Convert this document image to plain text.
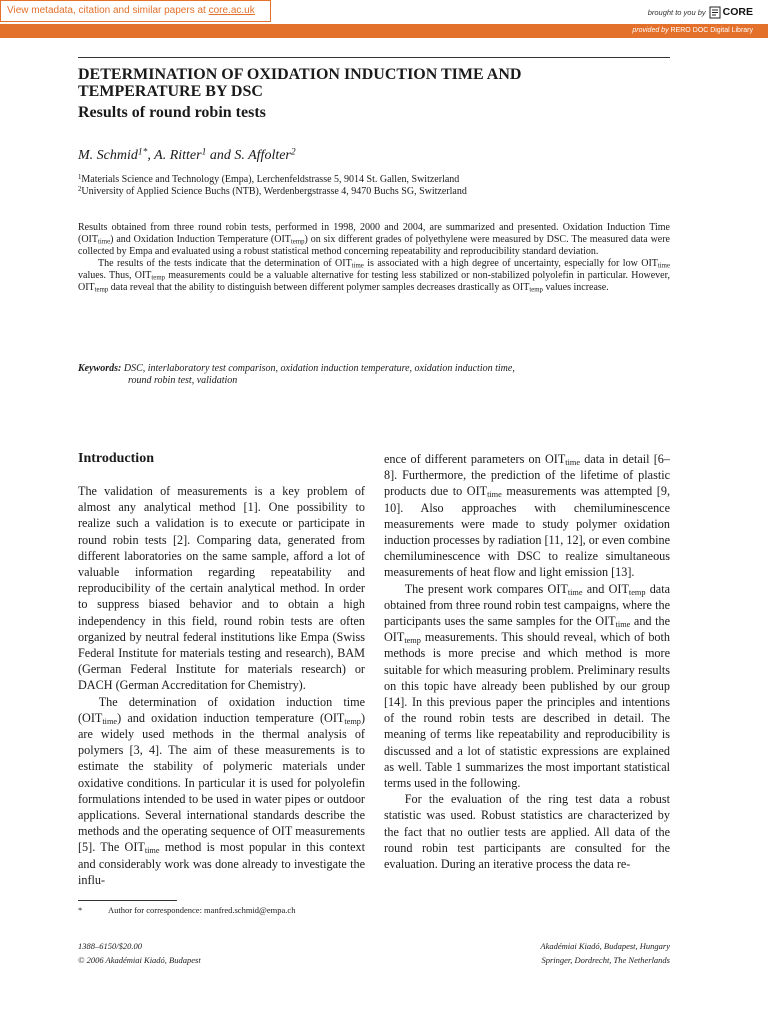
View metadata, citation and similar papers at core.ac.uk	brought to you by CORE
provided by RERO DOC Digital Library
DETERMINATION OF OXIDATION INDUCTION TIME AND
TEMPERATURE BY DSC
Results of round robin tests
M. Schmid$^{1*}$, A. Ritter$^1$ and S. Affolter$^2$
$^1$Materials Science and Technology (Empa), Lerchenfeldstrasse 5, 9014 St. Gallen, Switzerland
$^2$University of Applied Science Buchs (NTB), Werdenbergstrasse 4, 9470 Buchs SG, Switzerland

Results obtained from three round robin tests, performed in 1998, 2000 and 2004, are summarized and presented. Oxidation Induction Time $(OIT_{time})$ and Oxidation Induction Temperature $(OIT_{temp})$ on six different grades of polyethylene were measured by DSC. The measured data were collected by Empa and evaluated using a robust statistical method concerning repeatability and reproducibility standard deviation.

The results of the tests indicate that the determination of $OIT_{time}$ is associated with a high degree of uncertainty, especially for low $OIT_{time}$ values. Thus, $OIT_{temp}$ measurements could be a valuable alternative for testing less stabilized or non-stabilized polyolefin in particular. However, $OIT_{temp}$ data reveal that the ability to distinguish between different polymer samples decreases drastically as $OIT_{temp}$ values increase.

Keywords: DSC, interlaboratory test comparison, oxidation induction temperature, oxidation induction time,
round robin test, validation
Introduction

The validation of measurements is a key problem of almost any analytical method [1]. One possibility to realize such a validation is to execute or participate in round robin tests [2]. Comparing data, generated from different laboratories on the same sample, afford a lot of valuable information regarding repeatability and reproducibility of the certain analytical method. In order to suppress biased behavior and to obtain a high independency in this field, round robin tests are often organized by neutral federal institutions like Empa (Swiss Federal Institute for materials testing and research), BAM (German Federal Institute for materials research) or DACH (German Accreditation for Chemistry).

The determination of oxidation induction time $(OIT_{time})$ and oxidation induction temperature $(OIT_{temp})$ are widely used methods in the thermal analysis of polymers [3, 4]. The aim of these measurements is to estimate the stability of polymeric materials under oxidative conditions. In particular it is used for polyolefin formulations intended to be used in water pipes or outdoor applications. Several international standards describe the methods and the operating sequence of OIT measurements [5]. The $OIT_{time}$ method is most popular in this context and considerably work was done already to investigate the influ-

ence of different parameters on $OIT_{time}$ data in detail [6–8]. Furthermore, the prediction of the lifetime of plastic products due to $OIT_{time}$ measurements was attempted [9, 10]. Also approaches with chemiluminescence measurements were made to study polymer oxidation induction processes by radiation [11, 12], or even combine chemiluminescence with DSC to realize simultaneous measurements of heat flow and light emission [13].

The present work compares $OIT_{time}$ and $OIT_{temp}$ data obtained from three round robin test campaigns, where the participants uses the same samples for the $OIT_{time}$ and the $OIT_{temp}$ measurements. This should reveal, which of both methods is more precise and which method is more suitable for which measuring problem. Preliminary results on this topic have already been published by our group [14]. In this previous paper the principles and intentions of the round robin tests are described in detail. The meaning of terms like repeatability and reproducibility is discussed and a lot of statistic expressions are explained as well. Table 1 summarizes the most important statistical terms used in the following.

For the evaluation of the ring test data a robust statistic was used. Robust statistics are characterized by the fact that no outlier tests are applied. All data of the round robin test participants are consulted for the evaluation. During an iterative process the data re-

*	Author for correspondence: manfred.schmid@empa.ch
1388–6150/$20.00
© 2006 Akadémiai Kiadó, Budapest
Akadémiai Kiadó, Budapest, Hungary
Springer, Dordrecht, The Netherlands
